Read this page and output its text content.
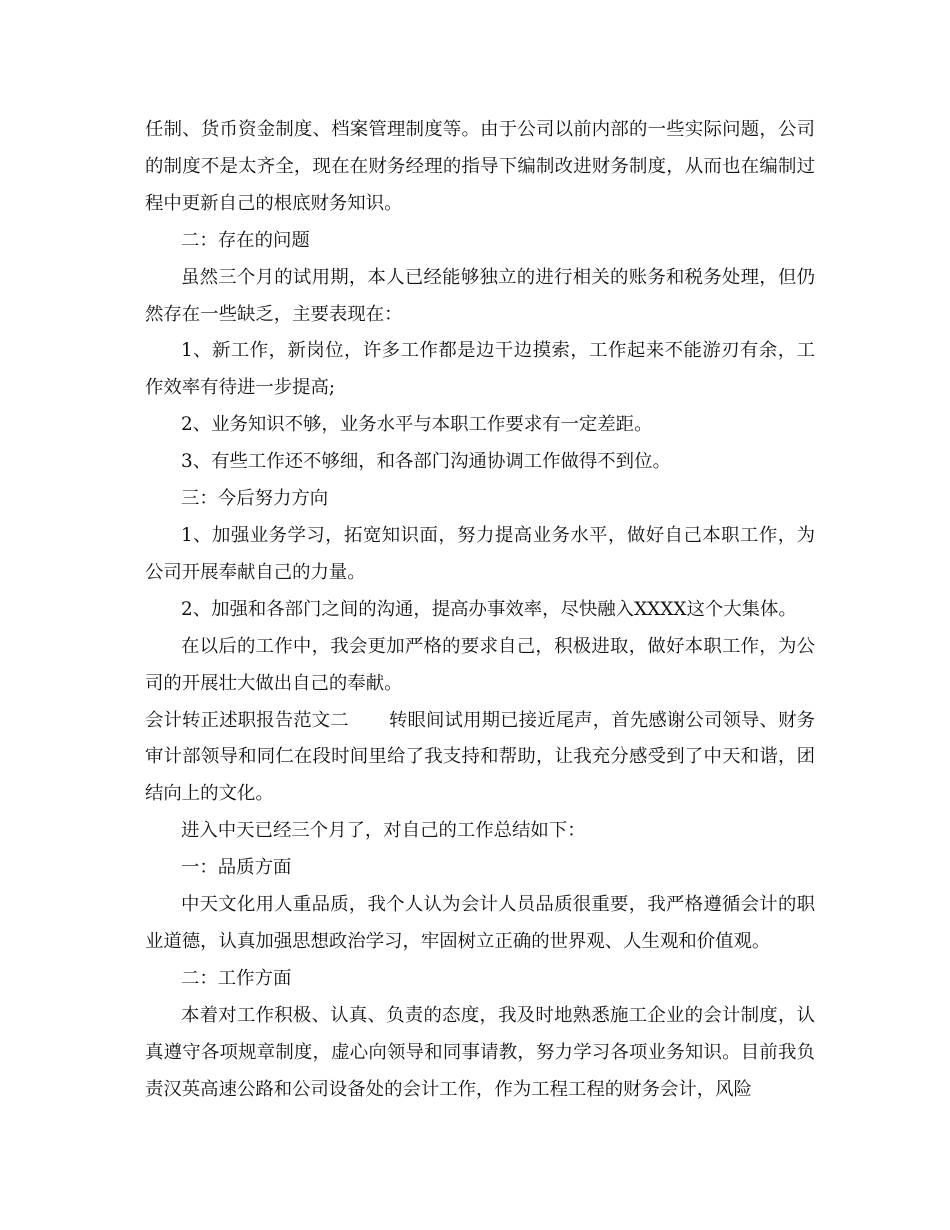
任制、货币资金制度、档案管理制度等。由于公司以前内部的一些实际问题，公司的制度不是太齐全，现在在财务经理的指导下编制改进财务制度，从而也在编制过程中更新自己的根底财务知识。

二：存在的问题

虽然三个月的试用期，本人已经能够独立的进行相关的账务和税务处理，但仍然存在一些缺乏，主要表现在：

1、新工作，新岗位，许多工作都是边干边摸索，工作起来不能游刃有余，工作效率有待进一步提高;

2、业务知识不够，业务水平与本职工作要求有一定差距。

3、有些工作还不够细，和各部门沟通协调工作做得不到位。

三：今后努力方向

1、加强业务学习，拓宽知识面，努力提高业务水平，做好自己本职工作，为公司开展奉献自己的力量。

2、加强和各部门之间的沟通，提高办事效率，尽快融入XXXX这个大集体。

在以后的工作中，我会更加严格的要求自己，积极进取，做好本职工作，为公司的开展壮大做出自己的奉献。

会计转正述职报告范文二 转眼间试用期已接近尾声，首先感谢公司领导、财务审计部领导和同仁在段时间里给了我支持和帮助，让我充分感受到了中天和谐，团结向上的文化。

进入中天已经三个月了，对自己的工作总结如下：

一：品质方面

中天文化用人重品质，我个人认为会计人员品质很重要，我严格遵循会计的职业道德，认真加强思想政治学习，牢固树立正确的世界观、人生观和价值观。

二：工作方面

本着对工作积极、认真、负责的态度，我及时地熟悉施工企业的会计制度，认真遵守各项规章制度，虚心向领导和同事请教，努力学习各项业务知识。目前我负责汉英高速公路和公司设备处的会计工作，作为工程工程的财务会计，风险
